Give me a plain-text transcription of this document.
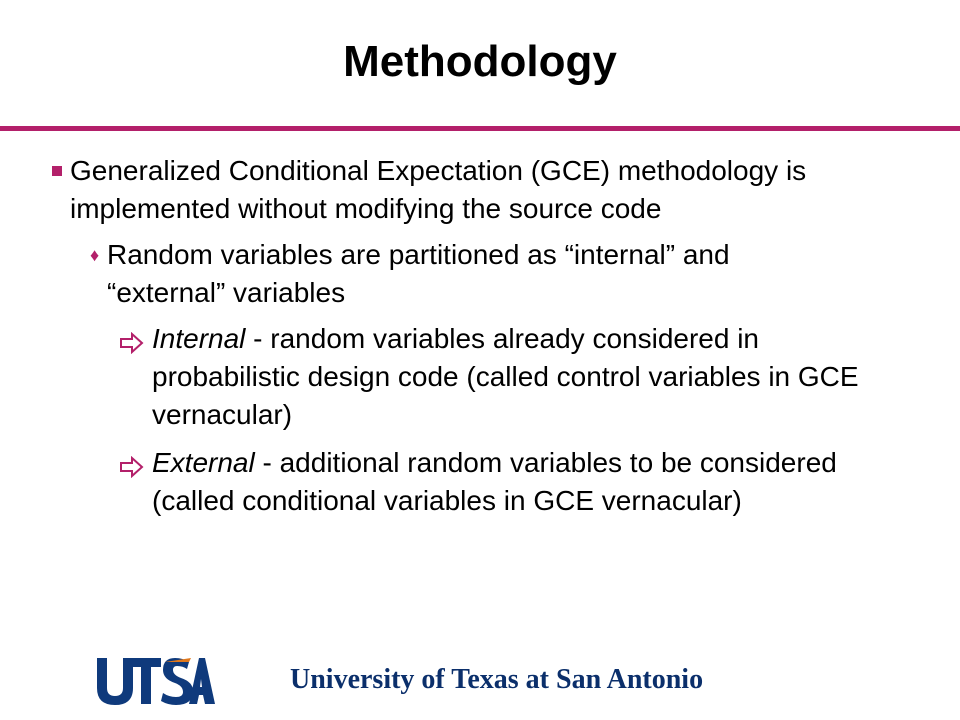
Methodology
Generalized Conditional Expectation (GCE) methodology is implemented without modifying the source code
♦ Random variables are partitioned as “internal” and “external” variables
Internal - random variables already considered in probabilistic design code (called control variables in GCE vernacular)
External - additional random variables to be considered (called conditional variables in GCE vernacular)
UTSA
University of Texas at San Antonio
